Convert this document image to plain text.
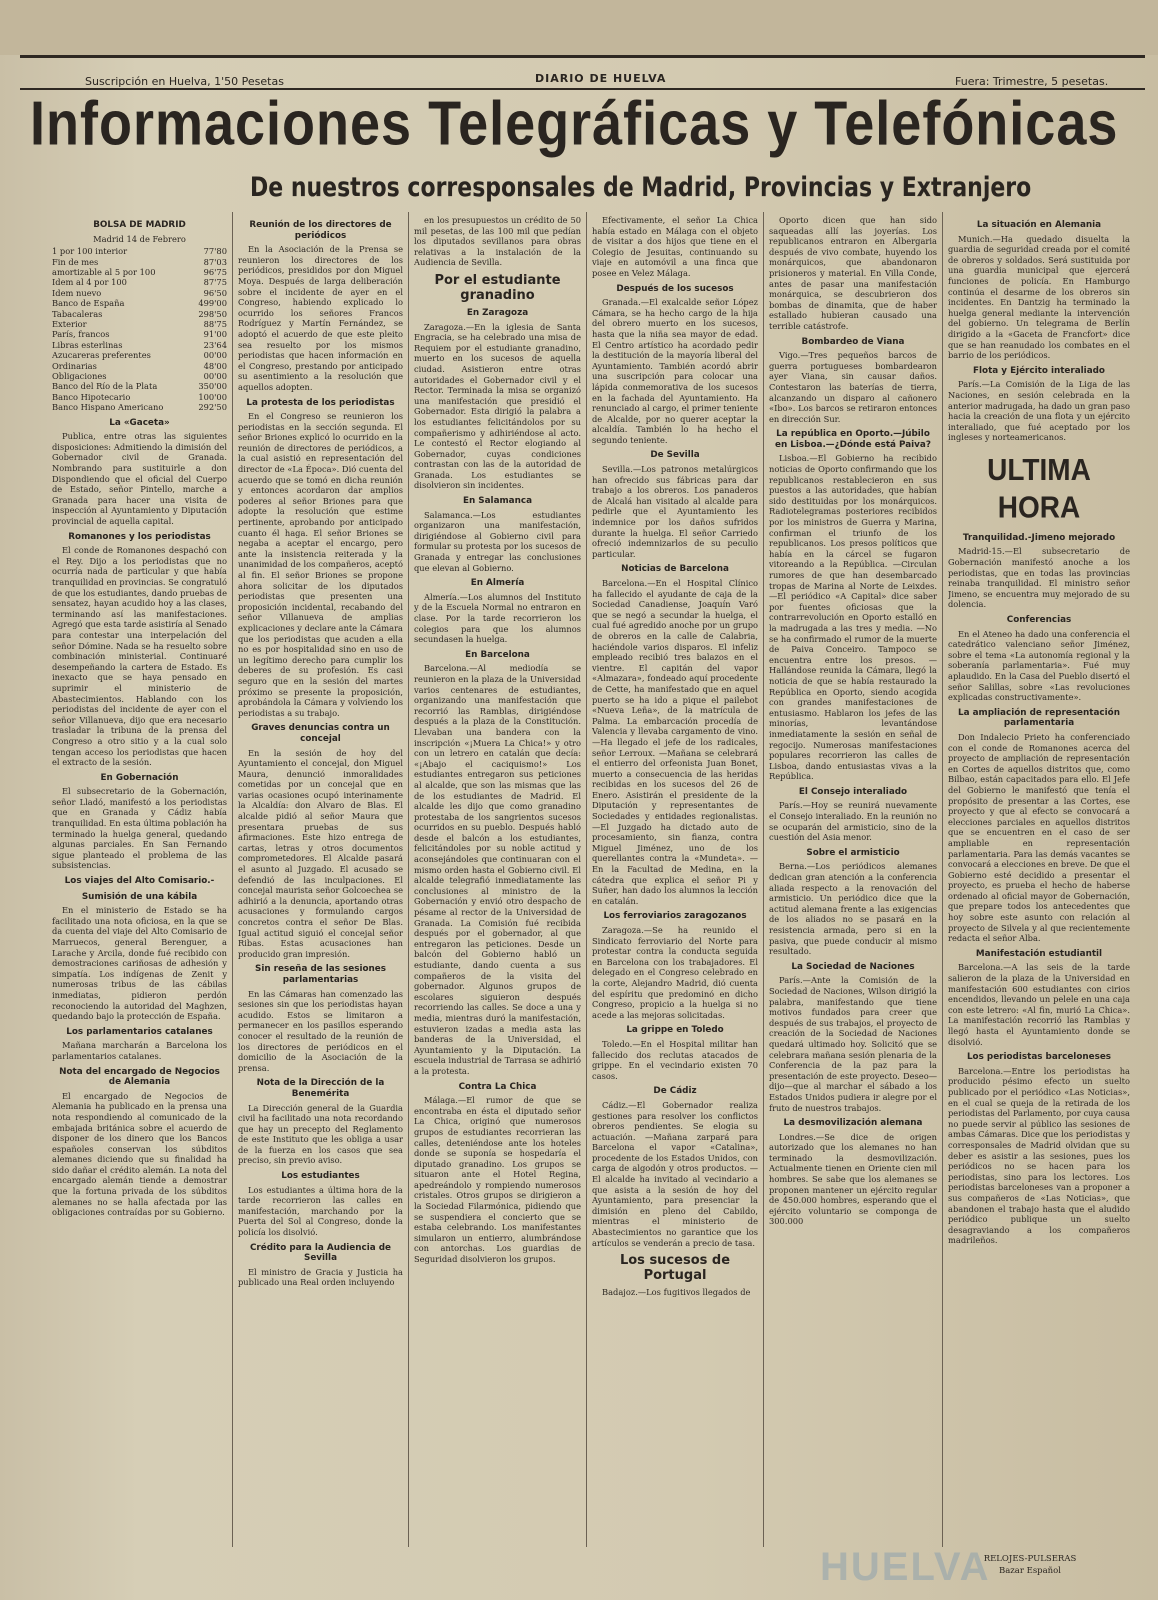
Suscripción en Huelva, 1'50 Pesetas	DIARIO DE HUELVA	Fuera: Trimestre, 5 pesetas.
Informaciones Telegráficas y Telefónicas
De nuestros corresponsales de Madrid, Provincias y Extranjero
BOLSA DE MADRID
Madrid 14 de Febrero
1 por 100 interior	77'80
Fin de mes	87'03
amortizable al 5 por 100	96'75
Idem al 4 por 100	87'75
Idem nuevo	96'50
Banco de España	499'00
Tabacaleras	298'50
Exterior	88'75
París, francos	91'00
Libras esterlinas	23'64
Azucareras preferentes	00'00
Ordinarias	48'00
Obligaciones	00'00
Banco del Río de la Plata	350'00
Banco Hipotecario	100'00
Banco Hispano Americano	292'50
La «Gaceta»

Publica, entre otras las siguientes disposiciones: Admitiendo la dimisión del Gobernador civil de Granada. Nombrando para sustituirle a don Dispondiendo que el oficial del Cuerpo de Estado, señor Pintello, marche a Granada para hacer una visita de inspección al Ayuntamiento y Diputación provincial de aquella capital.

Romanones y los periodistas

El conde de Romanones despachó con el Rey. Dijo a los periodistas que no ocurría nada de particular y que había tranquilidad en provincias. Se congratuló de que los estudiantes, dando pruebas de sensatez, hayan acudido hoy a las clases, terminando así las manifestaciones. Agregó que esta tarde asistiría al Senado para contestar una interpelación del señor Dómine. Nada se ha resuelto sobre combinación ministerial. Continuaré desempeñando la cartera de Estado. Es inexacto que se haya pensado en suprimir el ministerio de Abastecimientos. Hablando con los periodistas del incidente de ayer con el señor Villanueva, dijo que era necesario trasladar la tribuna de la prensa del Congreso a otro sitio y a la cual solo tengan acceso los periodistas que hacen el extracto de la sesión.

En Gobernación

El subsecretario de la Gobernación, señor Lladó, manifestó a los periodistas que en Granada y Cádiz había tranquilidad. En esta última población ha terminado la huelga general, quedando algunas parciales. En San Fernando sigue planteado el problema de las subsistencias.

Los viajes del Alto Comisario.-
Sumisión de una kábila

En el ministerio de Estado se ha facilitado una nota oficiosa, en la que se da cuenta del viaje del Alto Comisario de Marruecos, general Berenguer, a Larache y Arcila, donde fué recibido con demostraciones cariñosas de adhesión y simpatía. Los indígenas de Zenit y numerosas tribus de las cábilas inmediatas, pidieron perdón reconociendo la autoridad del Maghzen, quedando bajo la protección de España.

Los parlamentarios catalanes

Mañana marcharán a Barcelona los parlamentarios catalanes.

Nota del encargado de Negocios de Alemania

El encargado de Negocios de Alemania ha publicado en la prensa una nota respondiendo al comunicado de la embajada británica sobre el acuerdo de disponer de los dinero que los Bancos españoles conservan los súbditos alemanes diciendo que su finalidad ha sido dañar el crédito alemán. La nota del encargado alemán tiende a demostrar que la fortuna privada de los súbditos alemanes no se halla afectada por las obligaciones contraídas por su Gobierno.

Reunión de los directores de periódicos

En la Asociación de la Prensa se reunieron los directores de los periódicos, presididos por don Miguel Moya. Después de larga deliberación sobre el incidente de ayer en el Congreso, habiendo explicado lo ocurrido los señores Francos Rodríguez y Martín Fernández, se adoptó el acuerdo de que este pleito sea resuelto por los mismos periodistas que hacen información en el Congreso, prestando por anticipado su asentimiento a la resolución que aquellos adopten.

La protesta de los periodistas

En el Congreso se reunieron los periodistas en la sección segunda. El señor Briones explicó lo ocurrido en la reunión de directores de periódicos, a la cual asistió en representación del director de «La Época». Dió cuenta del acuerdo que se tomó en dicha reunión y entonces acordaron dar amplios poderes al señor Briones para que adopte la resolución que estime pertinente, aprobando por anticipado cuanto él haga. El señor Briones se negaba a aceptar el encargo, pero ante la insistencia reiterada y la unanimidad de los compañeros, aceptó al fin. El señor Briones se propone ahora solicitar de los diputados periodistas que presenten una proposición incidental, recabando del señor Villanueva de amplias explicaciones y declare ante la Cámara que los periodistas que acuden a ella no es por hospitalidad sino en uso de un legítimo derecho para cumplir los deberes de su profesión. Es casi seguro que en la sesión del martes próximo se presente la proposición, aprobándola la Cámara y volviendo los periodistas a su trabajo.

Graves denuncias contra un concejal

En la sesión de hoy del Ayuntamiento el concejal, don Miguel Maura, denunció inmoralidades cometidas por un concejal que en varias ocasiones ocupó interinamente la Alcaldía: don Alvaro de Blas. El alcalde pidió al señor Maura que presentara pruebas de sus afirmaciones. Este hizo entrega de cartas, letras y otros documentos comprometedores. El Alcalde pasará el asunto al Juzgado. El acusado se defendió de las inculpaciones. El concejal maurista señor Golcoechea se adhirió a la denuncia, aportando otras acusaciones y formulando cargos concretos contra el señor De Blas. Igual actitud siguió el concejal señor Ribas. Estas acusaciones han producido gran impresión.

Sin reseña de las sesiones parlamentarias

En las Cámaras han comenzado las sesiones sin que los periodistas hayan acudido. Estos se limitaron a permanecer en los pasillos esperando conocer el resultado de la reunión de los directores de periódicos en el domicilio de la Asociación de la prensa.

Nota de la Dirección de la Benemérita

La Dirección general de la Guardia civil ha facilitado una nota recordando que hay un precepto del Reglamento de este Instituto que les obliga a usar de la fuerza en los casos que sea preciso, sin previo aviso.

Los estudiantes

Los estudiantes a última hora de la tarde recorrieron las calles en manifestación, marchando por la Puerta del Sol al Congreso, donde la policía los disolvió.

Crédito para la Audiencia de Sevilla

El ministro de Gracia y Justicia ha publicado una Real orden incluyendo

en los presupuestos un crédito de 50 mil pesetas, de las 100 mil que pedían los diputados sevillanos para obras relativas a la instalación de la Audiencia de Sevilla.

Por el estudiante granadino
En Zaragoza

Zaragoza.—En la iglesia de Santa Engracia, se ha celebrado una misa de Requiem por el estudiante granadino, muerto en los sucesos de aquella ciudad. Asistieron entre otras autoridades el Gobernador civil y el Rector. Terminada la misa se organizó una manifestación que presidió el Gobernador. Esta dirigió la palabra a los estudiantes felicitándolos por su compañerismo y adhiriéndose al acto. Le contestó el Rector elogiando al Gobernador, cuyas condiciones contrastan con las de la autoridad de Granada. Los estudiantes se disolvieron sin incidentes.

En Salamanca

Salamanca.—Los estudiantes organizaron una manifestación, dirigiéndose al Gobierno civil para formular su protesta por los sucesos de Granada y entregar las conclusiones que elevan al Gobierno.

En Almería

Almería.—Los alumnos del Instituto y de la Escuela Normal no entraron en clase. Por la tarde recorrieron los colegios para que los alumnos secundasen la huelga.

En Barcelona

Barcelona.—Al mediodía se reunieron en la plaza de la Universidad varios centenares de estudiantes, organizando una manifestación que recorrió las Ramblas, dirigiéndose después a la plaza de la Constitución. Llevaban una bandera con la inscripción «¡Muera La Chica!» y otro con un letrero en catalán que decía: «¡Abajo el caciquismo!» Los estudiantes entregaron sus peticiones al alcalde, que son las mismas que las de los estudiantes de Madrid. El alcalde les dijo que como granadino protestaba de los sangrientos sucesos ocurridos en su pueblo. Después habló desde el balcón a los estudiantes, felicitándoles por su noble actitud y aconsejándoles que continuaran con el mismo orden hasta el Gobierno civil. El alcalde telegrafió inmediatamente las conclusiones al ministro de la Gobernación y envió otro despacho de pésame al rector de la Universidad de Granada. La Comisión fué recibida después por el gobernador, al que entregaron las peticiones. Desde un balcón del Gobierno habló un estudiante, dando cuenta a sus compañeros de la visita del gobernador. Algunos grupos de escolares siguieron después recorriendo las calles. Se doce a una y media, mientras duró la manifestación, estuvieron izadas a media asta las banderas de la Universidad, el Ayuntamiento y la Diputación. La escuela industrial de Tarrasa se adhirió a la protesta.

Contra La Chica

Málaga.—El rumor de que se encontraba en ésta el diputado señor La Chica, originó que numerosos grupos de estudiantes recorrieran las calles, deteniéndose ante los hoteles donde se suponía se hospedaría el diputado granadino. Los grupos se situaron ante el Hotel Regina, apedreándolo y rompiendo numerosos cristales. Otros grupos se dirigieron a la Sociedad Filarmónica, pidiendo que se suspendiera el concierto que se estaba celebrando. Los manifestantes simularon un entierro, alumbrándose con antorchas. Los guardias de Seguridad disolvieron los grupos.

Efectivamente, el señor La Chica había estado en Málaga con el objeto de visitar a dos hijos que tiene en el Colegio de Jesuitas, continuando su viaje en automóvil a una finca que posee en Velez Málaga.

Después de los sucesos

Granada.—El exalcalde señor López Cámara, se ha hecho cargo de la hija del obrero muerto en los sucesos, hasta que la niña sea mayor de edad. El Centro artístico ha acordado pedir la destitución de la mayoría liberal del Ayuntamiento. También acordó abrir una suscripción para colocar una lápida conmemorativa de los sucesos en la fachada del Ayuntamiento. Ha renunciado al cargo, el primer teniente de Alcalde, por no querer aceptar la alcaldía. También lo ha hecho el segundo teniente.

De Sevilla

Sevilla.—Los patronos metalúrgicos han ofrecido sus fábricas para dar trabajo a los obreros. Los panaderos de Alcalá han visitado al alcalde para pedirle que el Ayuntamiento les indemnice por los daños sufridos durante la huelga. El señor Carriedo ofreció indemnizarlos de su peculio particular.

Noticias de Barcelona

Barcelona.—En el Hospital Clínico ha fallecido el ayudante de caja de la Sociedad Canadiense, Joaquín Varó que se negó a secundar la huelga, el cual fué agredido anoche por un grupo de obreros en la calle de Calabria, haciéndole varios disparos. El infeliz empleado recibió tres balazos en el vientre. El capitán del vapor «Almazara», fondeado aquí procedente de Cette, ha manifestado que en aquel puerto se ha ido a pique el pailebot «Nueva Leña», de la matrícula de Palma. La embarcación procedía de Valencia y llevaba cargamento de vino. —Ha llegado el jefe de los radicales, señor Lerroux. —Mañana se celebrará el entierro del orfeonista Juan Bonet, muerto a consecuencia de las heridas recibidas en los sucesos del 26 de Enero. Asistirán el presidente de la Diputación y representantes de Sociedades y entidades regionalistas. —El Juzgado ha dictado auto de procesamiento, sin fianza, contra Miguel Jiménez, uno de los querellantes contra la «Mundeta». —En la Facultad de Medina, en la cátedra que explica el señor Pi y Suñer, han dado los alumnos la lección en catalán.

Los ferroviarios zaragozanos

Zaragoza.—Se ha reunido el Sindicato ferroviario del Norte para protestar contra la conducta seguida en Barcelona con los trabajadores. El delegado en el Congreso celebrado en la corte, Alejandro Madrid, dió cuenta del espíritu que predominó en dicho Congreso, propicio a la huelga si no acede a las mejoras solicitadas.

La grippe en Toledo

Toledo.—En el Hospital militar han fallecido dos reclutas atacados de grippe. En el vecindario existen 70 casos.

De Cádiz

Cádiz.—El Gobernador realiza gestiones para resolver los conflictos obreros pendientes. Se elogia su actuación. —Mañana zarpará para Barcelona el vapor «Catalina», procedente de los Estados Unidos, con carga de algodón y otros productos. —El alcalde ha invitado al vecindario a que asista a la sesión de hoy del Ayuntamiento, para presenciar la dimisión en pleno del Cabildo, mientras el ministerio de Abastecimientos no garantice que los artículos se venderán a precio de tasa.

Los sucesos de Portugal

Badajoz.—Los fugitivos llegados de

Oporto dicen que han sido saqueadas allí las joyerías. Los republicanos entraron en Albergaria después de vivo combate, huyendo los monárquicos, que abandonaron prisioneros y material. En Villa Conde, antes de pasar una manifestación monárquica, se descubrieron dos bombas de dinamita, que de haber estallado hubieran causado una terrible catástrofe.

Bombardeo de Viana

Vigo.—Tres pequeños barcos de guerra portugueses bombardearon ayer Viana, sin causar daños. Contestaron las baterías de tierra, alcanzando un disparo al cañonero «Ibo». Los barcos se retiraron entonces en dirección Sur.

La república en Oporto.—Júbilo en Lisboa.—¿Dónde está Paiva?

Lisboa.—El Gobierno ha recibido noticias de Oporto confirmando que los republicanos restablecieron en sus puestos a las autoridades, que habían sido destituidas por los monárquicos. Radiotelegramas posteriores recibidos por los ministros de Guerra y Marina, confirman el triunfo de los republicanos. Los presos políticos que había en la cárcel se fugaron vitoreando a la República. —Circulan rumores de que han desembarcado tropas de Marina al Norte de Leixdes. —El periódico «A Capital» dice saber por fuentes oficiosas que la contrarrevolución en Oporto estalló en la madrugada a las tres y media. —No se ha confirmado el rumor de la muerte de Paiva Conceiro. Tampoco se encuentra entre los presos. —Hallándose reunida la Cámara, llegó la noticia de que se había restaurado la República en Oporto, siendo acogida con grandes manifestaciones de entusiasmo. Hablaron los jefes de las minorías, levantándose inmediatamente la sesión en señal de regocijo. Numerosas manifestaciones populares recorrieron las calles de Lisboa, dando entusiastas vivas a la República.

El Consejo interaliado

París.—Hoy se reunirá nuevamente el Consejo interaliado. En la reunión no se ocuparán del armisticio, sino de la cuestión del Asia menor.

Sobre el armisticio

Berna.—Los periódicos alemanes dedican gran atención a la conferencia aliada respecto a la renovación del armisticio. Un periódico dice que la actitud alemana frente a las exigencias de los aliados no se pasará en la resistencia armada, pero si en la pasiva, que puede conducir al mismo resultado.

La Sociedad de Naciones

París.—Ante la Comisión de la Sociedad de Naciones, Wilson dirigió la palabra, manifestando que tiene motivos fundados para creer que después de sus trabajos, el proyecto de creación de la Sociedad de Naciones quedará ultimado hoy. Solicitó que se celebrara mañana sesión plenaria de la Conferencia de la paz para la presentación de este proyecto. Deseo—dijo—que al marchar el sábado a los Estados Unidos pudiera ir alegre por el fruto de nuestros trabajos.

La desmovilización alemana

Londres.—Se dice de origen autorizado que los alemanes no han terminado la desmovilización. Actualmente tienen en Oriente cien mil hombres. Se sabe que los alemanes se proponen mantener un ejército regular de 450.000 hombres, esperando que el ejército voluntario se componga de 300.000

La situación en Alemania

Munich.—Ha quedado disuelta la guardia de seguridad creada por el comité de obreros y soldados. Será sustituida por una guardia municipal que ejercerá funciones de policía. En Hamburgo continúa el desarme de los obreros sin incidentes. En Dantzig ha terminado la huelga general mediante la intervención del gobierno. Un telegrama de Berlín dirigido a la «Gaceta de Francfort» dice que se han reanudado los combates en el barrio de los periódicos.

Flota y Ejército interaliado

París.—La Comisión de la Liga de las Naciones, en sesión celebrada en la anterior madrugada, ha dado un gran paso hacia la creación de una flota y un ejército interaliado, que fué aceptado por los ingleses y norteamericanos.

ULTIMA HORA
Tranquilidad.-Jimeno mejorado

Madrid-15.—El subsecretario de Gobernación manifestó anoche a los periodistas, que en todas las provincias reinaba tranquilidad. El ministro señor Jimeno, se encuentra muy mejorado de su dolencia.

Conferencias

En el Ateneo ha dado una conferencia el catedrático valenciano señor Jiménez, sobre el tema «La autonomía regional y la soberanía parlamentaria». Fué muy aplaudido. En la Casa del Pueblo disertó el señor Salillas, sobre «Las revoluciones explicadas constructivamente».

La ampliación de representación parlamentaria

Don Indalecio Prieto ha conferenciado con el conde de Romanones acerca del proyecto de ampliación de representación en Cortes de aquellos distritos que, como Bilbao, están capacitados para ello. El Jefe del Gobierno le manifestó que tenía el propósito de presentar a las Cortes, ese proyecto y que al efecto se convocará a elecciones parciales en aquellos distritos que se encuentren en el caso de ser ampliable en representación parlamentaria. Para las demás vacantes se convocará a elecciones en breve. De que el Gobierno esté decidido a presentar el proyecto, es prueba el hecho de haberse ordenado al oficial mayor de Gobernación, que prepare todos los antecedentes que hoy sobre este asunto con relación al proyecto de Silvela y al que recientemente redacta el señor Alba.

Manifestación estudiantil

Barcelona.—A las seis de la tarde salieron de la plaza de la Universidad en manifestación 600 estudiantes con cirios encendidos, llevando un pelele en una caja con este letrero: «Al fin, murió La Chica». La manifestación recorrió las Ramblas y llegó hasta el Ayuntamiento donde se disolvió.

Los periodistas barceloneses

Barcelona.—Entre los periodistas ha producido pésimo efecto un suelto publicado por el periódico «Las Noticias», en el cual se queja de la retirada de los periodistas del Parlamento, por cuya causa no puede servir al público las sesiones de ambas Cámaras. Dice que los periodistas y corresponsales de Madrid olvidan que su deber es asistir a las sesiones, pues los periódicos no se hacen para los periodistas, sino para los lectores. Los periodistas barceloneses van a proponer a sus compañeros de «Las Noticias», que abandonen el trabajo hasta que el aludido periódico publique un suelto desagraviando a los compañeros madrileños.

RELOJES-PULSERAS
Bazar Español
HUELVA
